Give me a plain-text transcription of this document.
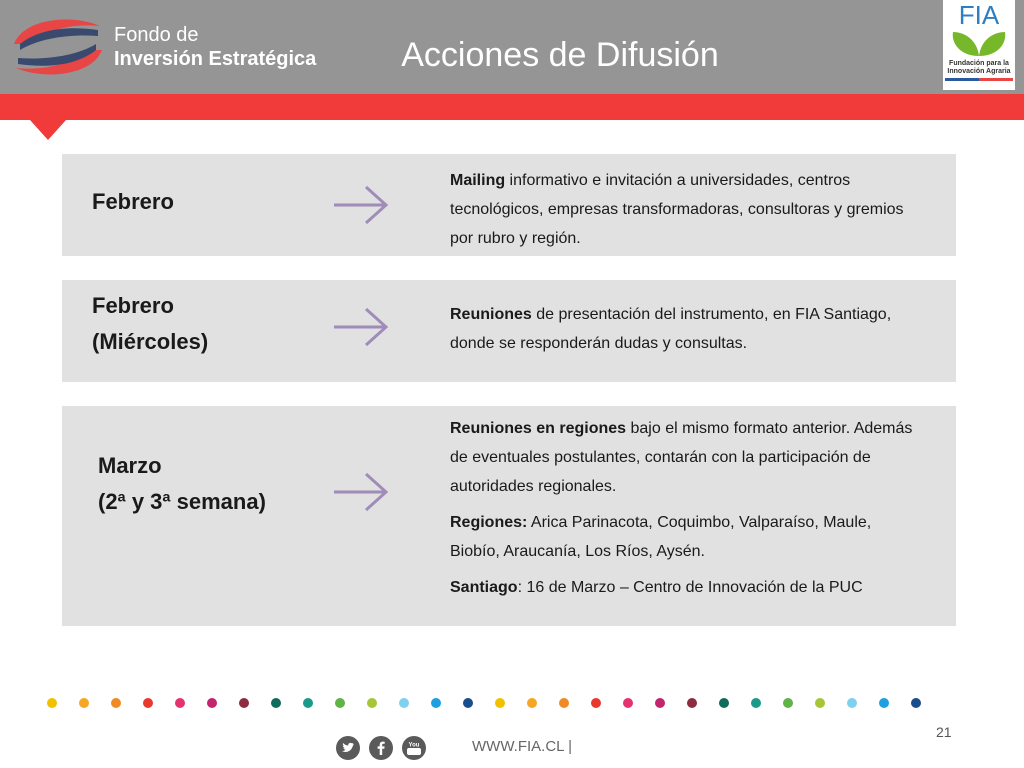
Fondo de
Inversión Estratégica	Acciones de Difusión
FIA
Fundación para la
Innovación Agraria
Febrero

Mailing informativo e invitación a universidades, centros tecnológicos, empresas transformadoras, consultoras y gremios por rubro y región.

Febrero
(Miércoles)

Reuniones de presentación del instrumento, en FIA Santiago, donde se responderán dudas y consultas.

Marzo
(2ª y 3ª semana)

Reuniones en regiones bajo el mismo formato anterior. Además de eventuales postulantes, contarán con la participación de autoridades regionales.

Regiones: Arica Parinacota, Coquimbo, Valparaíso, Maule, Biobío, Araucanía, Los Ríos, Aysén.

Santiago: 16 de Marzo – Centro de Innovación de la PUC

21
You	WWW.FIA.CL |
